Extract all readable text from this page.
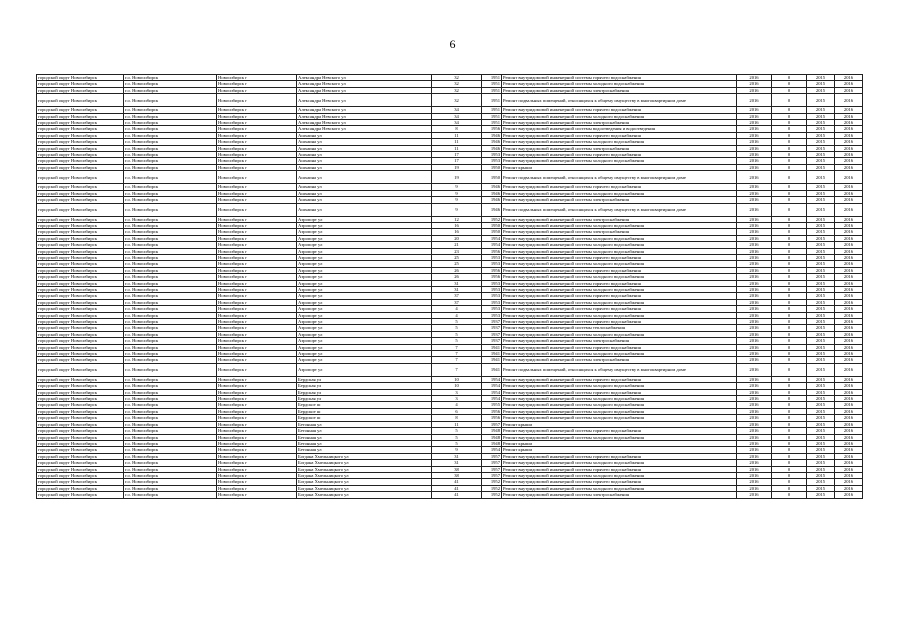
6
городской округ Новосибирск	г.о. Новосибирск	Новосибирск г	Александра Невского ул	32	1951	Ремонт внутридомовой инженерной системы горячего водоснабжения	2016	0	2015	2016
городской округ Новосибирск	г.о. Новосибирск	Новосибирск г	Александра Невского ул	32	1951	Ремонт внутридомовой инженерной системы холодного водоснабжения	2016	0	2015	2016
городской округ Новосибирск	г.о. Новосибирск	Новосибирск г	Александра Невского ул	32	1951	Ремонт внутридомовой инженерной системы электроснабжения	2016	0	2015	2016
городской округ Новосибирск	г.о. Новосибирск	Новосибирск г	Александра Невского ул	32	1951	Ремонт подвальных помещений, относящихся к общему имуществу в многоквартирном доме	2016	0	2015	2016
городской округ Новосибирск	г.о. Новосибирск	Новосибирск г	Александра Невского ул	34	1951	Ремонт внутридомовой инженерной системы горячего водоснабжения	2016	0	2015	2016
городской округ Новосибирск	г.о. Новосибирск	Новосибирск г	Александра Невского ул	34	1951	Ремонт внутридомовой инженерной системы холодного водоснабжения	2016	0	2015	2016
городской округ Новосибирск	г.о. Новосибирск	Новосибирск г	Александра Невского ул	34	1951	Ремонт внутридомовой инженерной системы электроснабжения	2016	0	2015	2016
городской округ Новосибирск	г.о. Новосибирск	Новосибирск г	Александра Невского ул	8	1956	Ремонт внутридомовой инженерной системы водоотведения и водоотведения	2016	0	2015	2016
городской округ Новосибирск	г.о. Новосибирск	Новосибирск г	Ашхаина ул	11	1946	Ремонт внутридомовой инженерной системы горячего водоснабжения	2016	0	2015	2016
городской округ Новосибирск	г.о. Новосибирск	Новосибирск г	Ашхаина ул	11	1946	Ремонт внутридомовой инженерной системы холодного водоснабжения	2016	0	2015	2016
городской округ Новосибирск	г.о. Новосибирск	Новосибирск г	Ашхаина ул	11	1946	Ремонт внутридомовой инженерной системы электроснабжения	2016	0	2015	2016
городской округ Новосибирск	г.о. Новосибирск	Новосибирск г	Ашхаина ул	17	1953	Ремонт внутридомовой инженерной системы горячего водоснабжения	2016	0	2015	2016
городской округ Новосибирск	г.о. Новосибирск	Новосибирск г	Ашхаина ул	17	1953	Ремонт внутридомовой инженерной системы холодного водоснабжения	2016	0	2015	2016
городской округ Новосибирск	г.о. Новосибирск	Новосибирск г	Ашхаина ул	19	1950	Ремонт крыши	2016	0	2015	2016
городской округ Новосибирск	г.о. Новосибирск	Новосибирск г	Ашхаина ул	19	1950	Ремонт подвальных помещений, относящихся к общему имуществу в многоквартирном доме	2016	0	2015	2016
городской округ Новосибирск	г.о. Новосибирск	Новосибирск г	Ашхаина ул	9	1946	Ремонт внутридомовой инженерной системы горячего водоснабжения	2016	0	2015	2016
городской округ Новосибирск	г.о. Новосибирск	Новосибирск г	Ашхаина ул	9	1946	Ремонт внутридомовой инженерной системы холодного водоснабжения	2016	0	2015	2016
городской округ Новосибирск	г.о. Новосибирск	Новосибирск г	Ашхаина ул	9	1946	Ремонт внутридомовой инженерной системы электроснабжения	2016	0	2015	2016
городской округ Новосибирск	г.о. Новосибирск	Новосибирск г	Ашхаина ул	9	1946	Ремонт подвальных помещений, относящихся к общему имуществу в многоквартирном доме	2016	0	2015	2016
городской округ Новосибирск	г.о. Новосибирск	Новосибирск г	Аэропорт ул	12	1952	Ремонт внутридомовой инженерной системы электроснабжения	2016	0	2015	2016
городской округ Новосибирск	г.о. Новосибирск	Новосибирск г	Аэропорт ул	16	1950	Ремонт внутридомовой инженерной системы холодного водоснабжения	2016	0	2015	2016
городской округ Новосибирск	г.о. Новосибирск	Новосибирск г	Аэропорт ул	16	1950	Ремонт внутридомовой инженерной системы электроснабжения	2016	0	2015	2016
городской округ Новосибирск	г.о. Новосибирск	Новосибирск г	Аэропорт ул	20	1954	Ремонт внутридомовой инженерной системы холодного водоснабжения	2016	0	2015	2016
городской округ Новосибирск	г.о. Новосибирск	Новосибирск г	Аэропорт ул	21	1954	Ремонт внутридомовой инженерной системы холодного водоснабжения	2016	0	2015	2016
городской округ Новосибирск	г.о. Новосибирск	Новосибирск г	Аэропорт ул	23	1956	Ремонт внутридомовой инженерной системы холодного водоснабжения	2016	0	2015	2016
городской округ Новосибирск	г.о. Новосибирск	Новосибирск г	Аэропорт ул	25	1953	Ремонт внутридомовой инженерной системы горячего водоснабжения	2016	0	2015	2016
городской округ Новосибирск	г.о. Новосибирск	Новосибирск г	Аэропорт ул	25	1953	Ремонт внутридомовой инженерной системы холодного водоснабжения	2016	0	2015	2016
городской округ Новосибирск	г.о. Новосибирск	Новосибирск г	Аэропорт ул	26	1956	Ремонт внутридомовой инженерной системы горячего водоснабжения	2016	0	2015	2016
городской округ Новосибирск	г.о. Новосибирск	Новосибирск г	Аэропорт ул	26	1956	Ремонт внутридомовой инженерной системы холодного водоснабжения	2016	0	2015	2016
городской округ Новосибирск	г.о. Новосибирск	Новосибирск г	Аэропорт ул	31	1953	Ремонт внутридомовой инженерной системы горячего водоснабжения	2016	0	2015	2016
городской округ Новосибирск	г.о. Новосибирск	Новосибирск г	Аэропорт ул	31	1953	Ремонт внутридомовой инженерной системы холодного водоснабжения	2016	0	2015	2016
городской округ Новосибирск	г.о. Новосибирск	Новосибирск г	Аэропорт ул	37	1953	Ремонт внутридомовой инженерной системы горячего водоснабжения	2016	0	2015	2016
городской округ Новосибирск	г.о. Новосибирск	Новосибирск г	Аэропорт ул	37	1953	Ремонт внутридомовой инженерной системы холодного водоснабжения	2016	0	2015	2016
городской округ Новосибирск	г.о. Новосибирск	Новосибирск г	Аэропорт ул	4	1953	Ремонт внутридомовой инженерной системы горячего водоснабжения	2016	0	2015	2016
городской округ Новосибирск	г.о. Новосибирск	Новосибирск г	Аэропорт ул	4	1953	Ремонт внутридомовой инженерной системы холодного водоснабжения	2016	0	2015	2016
городской округ Новосибирск	г.о. Новосибирск	Новосибирск г	Аэропорт ул	5	1937	Ремонт внутридомовой инженерной системы горячего водоснабжения	2016	0	2015	2016
городской округ Новосибирск	г.о. Новосибирск	Новосибирск г	Аэропорт ул	5	1937	Ремонт внутридомовой инженерной системы теплоснабжения	2016	0	2015	2016
городской округ Новосибирск	г.о. Новосибирск	Новосибирск г	Аэропорт ул	5	1937	Ремонт внутридомовой инженерной системы холодного водоснабжения	2016	0	2015	2016
городской округ Новосибирск	г.о. Новосибирск	Новосибирск г	Аэропорт ул	5	1937	Ремонт внутридомовой инженерной системы электроснабжения	2016	0	2015	2016
городской округ Новосибирск	г.о. Новосибирск	Новосибирск г	Аэропорт ул	7	1941	Ремонт внутридомовой инженерной системы горячего водоснабжения	2016	0	2015	2016
городской округ Новосибирск	г.о. Новосибирск	Новосибирск г	Аэропорт ул	7	1941	Ремонт внутридомовой инженерной системы холодного водоснабжения	2016	0	2015	2016
городской округ Новосибирск	г.о. Новосибирск	Новосибирск г	Аэропорт ул	7	1941	Ремонт внутридомовой инженерной системы электроснабжения	2016	0	2015	2016
городской округ Новосибирск	г.о. Новосибирск	Новосибирск г	Аэропорт ул	7	1941	Ремонт подвальных помещений, относящихся к общему имуществу в многоквартирном доме	2016	0	2015	2016
городской округ Новосибирск	г.о. Новосибирск	Новосибирск г	Бердская ул	10	1954	Ремонт внутридомовой инженерной системы горячего водоснабжения	2016	0	2015	2016
городской округ Новосибирск	г.о. Новосибирск	Новосибирск г	Бердская ул	10	1954	Ремонт внутридомовой инженерной системы холодного водоснабжения	2016	0	2015	2016
городской округ Новосибирск	г.о. Новосибирск	Новосибирск г	Бердская ул	3	1954	Ремонт внутридомовой инженерной системы горячего водоснабжения	2016	0	2015	2016
городской округ Новосибирск	г.о. Новосибирск	Новосибирск г	Бердская ул	3	1954	Ремонт внутридомовой инженерной системы холодного водоснабжения	2016	0	2015	2016
городской округ Новосибирск	г.о. Новосибирск	Новосибирск г	Бердское ш	4	1955	Ремонт внутридомовой инженерной системы холодного водоснабжения	2016	0	2015	2016
городской округ Новосибирск	г.о. Новосибирск	Новосибирск г	Бердское ш	6	1956	Ремонт внутридомовой инженерной системы холодного водоснабжения	2016	0	2015	2016
городской округ Новосибирск	г.о. Новосибирск	Новосибирск г	Бердское ш	8	1956	Ремонт внутридомовой инженерной системы холодного водоснабжения	2016	0	2015	2016
городской округ Новосибирск	г.о. Новосибирск	Новосибирск г	Бетонная ул	11	1957	Ремонт крыши	2016	0	2015	2016
городской округ Новосибирск	г.о. Новосибирск	Новосибирск г	Бетонная ул	5	1948	Ремонт внутридомовой инженерной системы горячего водоснабжения	2016	0	2015	2016
городской округ Новосибирск	г.о. Новосибирск	Новосибирск г	Бетонная ул	5	1948	Ремонт внутридомовой инженерной системы холодного водоснабжения	2016	0	2015	2016
городской округ Новосибирск	г.о. Новосибирск	Новосибирск г	Бетонная ул	5	1948	Ремонт крыши	2016	0	2015	2016
городской округ Новосибирск	г.о. Новосибирск	Новосибирск г	Бетонная ул	9	1954	Ремонт крыши	2016	0	2015	2016
городской округ Новосибирск	г.о. Новосибирск	Новосибирск г	Богдана Хмельницкого ул	31	1957	Ремонт внутридомовой инженерной системы горячего водоснабжения	2016	0	2015	2016
городской округ Новосибирск	г.о. Новосибирск	Новосибирск г	Богдана Хмельницкого ул	31	1957	Ремонт внутридомовой инженерной системы холодного водоснабжения	2016	0	2015	2016
городской округ Новосибирск	г.о. Новосибирск	Новосибирск г	Богдана Хмельницкого ул	38	1957	Ремонт внутридомовой инженерной системы горячего водоснабжения	2016	0	2015	2016
городской округ Новосибирск	г.о. Новосибирск	Новосибирск г	Богдана Хмельницкого ул	38	1957	Ремонт внутридомовой инженерной системы холодного водоснабжения	2016	0	2015	2016
городской округ Новосибирск	г.о. Новосибирск	Новосибирск г	Богдана Хмельницкого ул	41	1952	Ремонт внутридомовой инженерной системы горячего водоснабжения	2016	0	2015	2016
городской округ Новосибирск	г.о. Новосибирск	Новосибирск г	Богдана Хмельницкого ул	41	1952	Ремонт внутридомовой инженерной системы холодного водоснабжения	2016	0	2015	2016
городской округ Новосибирск	г.о. Новосибирск	Новосибирск г	Богдана Хмельницкого ул	41	1952	Ремонт внутридомовой инженерной системы электроснабжения	2016	0	2015	2016
